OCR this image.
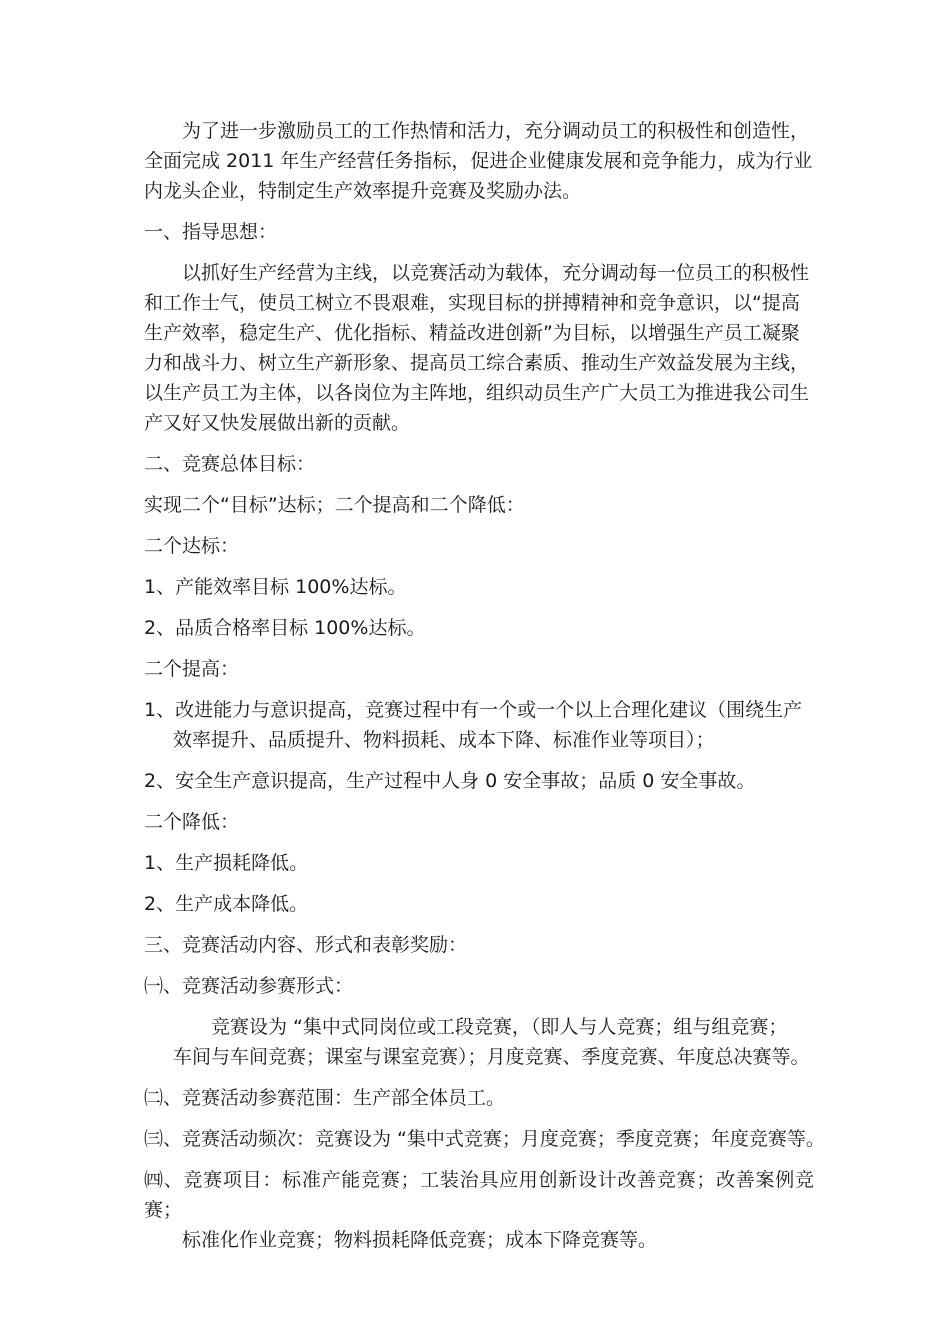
为了进一步激励员工的工作热情和活力，充分调动员工的积极性和创造性，
全面完成 2011 年生产经营任务指标，促进企业健康发展和竞争能力，成为行业
内龙头企业，特制定生产效率提升竞赛及奖励办法。
一、指导思想：
以抓好生产经营为主线，以竞赛活动为载体，充分调动每一位员工的积极性
和工作士气，使员工树立不畏艰难，实现目标的拼搏精神和竞争意识，以“提高
生产效率，稳定生产、优化指标、精益改进创新”为目标，以增强生产员工凝聚
力和战斗力、树立生产新形象、提高员工综合素质、推动生产效益发展为主线，
以生产员工为主体，以各岗位为主阵地，组织动员生产广大员工为推进我公司生
产又好又快发展做出新的贡献。
二、竞赛总体目标：
实现二个“目标”达标；二个提高和二个降低：
二个达标：
1、产能效率目标 100%达标。
2、品质合格率目标 100%达标。
二个提高：
1、改进能力与意识提高，竞赛过程中有一个或一个以上合理化建议（围绕生产
效率提升、品质提升、物料损耗、成本下降、标准作业等项目）；
2、安全生产意识提高，生产过程中人身 0 安全事故；品质 0 安全事故。
二个降低：
1、生产损耗降低。
2、生产成本降低。
三、竞赛活动内容、形式和表彰奖励：
㈠、竞赛活动参赛形式：
竞赛设为 “集中式同岗位或工段竞赛，（即人与人竞赛；组与组竞赛；
车间与车间竞赛；课室与课室竞赛）；月度竞赛、季度竞赛、年度总决赛等。
㈡、竞赛活动参赛范围：生产部全体员工。
㈢、竞赛活动频次：竞赛设为 “集中式竞赛；月度竞赛；季度竞赛；年度竞赛等。
㈣、竞赛项目：标准产能竞赛；工装治具应用创新设计改善竞赛；改善案例竞赛；
标准化作业竞赛；物料损耗降低竞赛；成本下降竞赛等。
